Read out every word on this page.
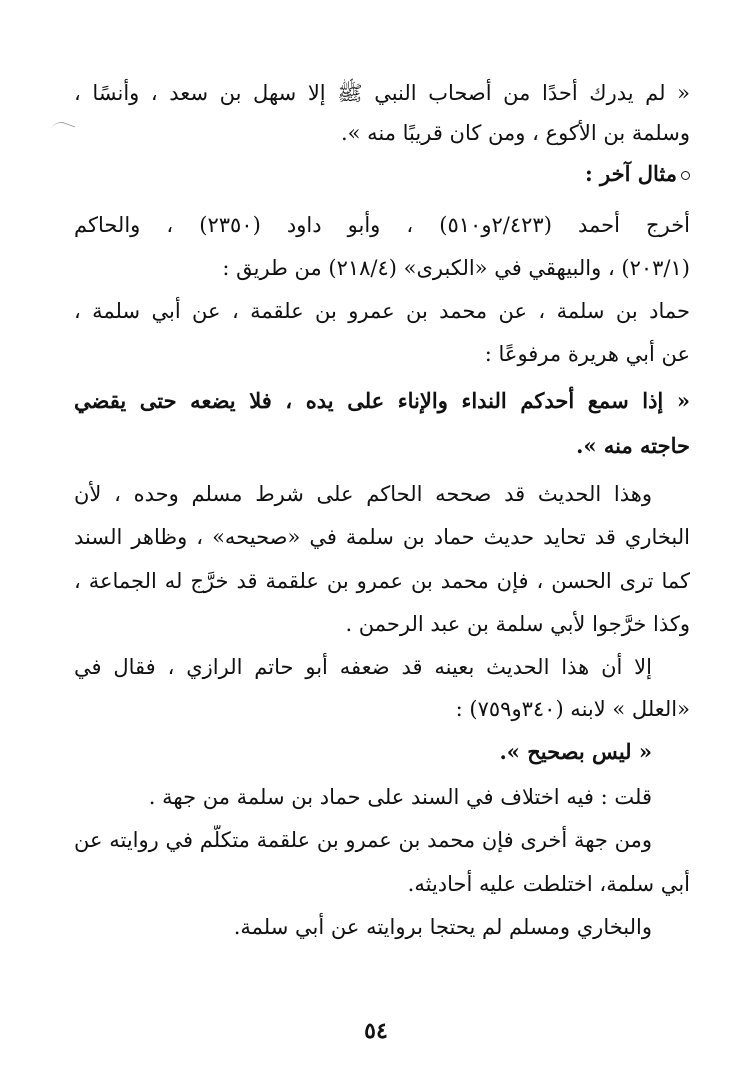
« لم يدرك أحدًا من أصحاب النبي ﷺ إلا سهل بن سعد ، وأنسًا ،
وسلمة بن الأكوع ، ومن كان قريبًا منه ».
مثال آخر :
أخرج أحمد (٢/٤٢٣و٥١٠) ، وأبو داود (٢٣٥٠) ، والحاكم
(٢٠٣/١) ، والبيهقي في «الكبرى» (٢١٨/٤) من طريق :
حماد بن سلمة ، عن محمد بن عمرو بن علقمة ، عن أبي سلمة ،
عن أبي هريرة مرفوعًا :
« إذا سمع أحدكم النداء والإناء على يده ، فلا يضعه حتى يقضي
حاجته منه ».
وهذا الحديث قد صححه الحاكم على شرط مسلم وحده ، لأن
البخاري قد تحايد حديث حماد بن سلمة في «صحيحه» ، وظاهر السند
كما ترى الحسن ، فإن محمد بن عمرو بن علقمة قد خرَّج له الجماعة ،
وكذا خرَّجوا لأبي سلمة بن عبد الرحمن .
إلا أن هذا الحديث بعينه قد ضعفه أبو حاتم الرازي ، فقال في
«العلل » لابنه (٣٤٠و٧٥٩) :
« ليس بصحيح ».
قلت : فيه اختلاف في السند على حماد بن سلمة من جهة .
ومن جهة أخرى فإن محمد بن عمرو بن علقمة متكلَّم في روايته عن
أبي سلمة، اختلطت عليه أحاديثه.
والبخاري ومسلم لم يحتجا بروايته عن أبي سلمة.
٥٤
